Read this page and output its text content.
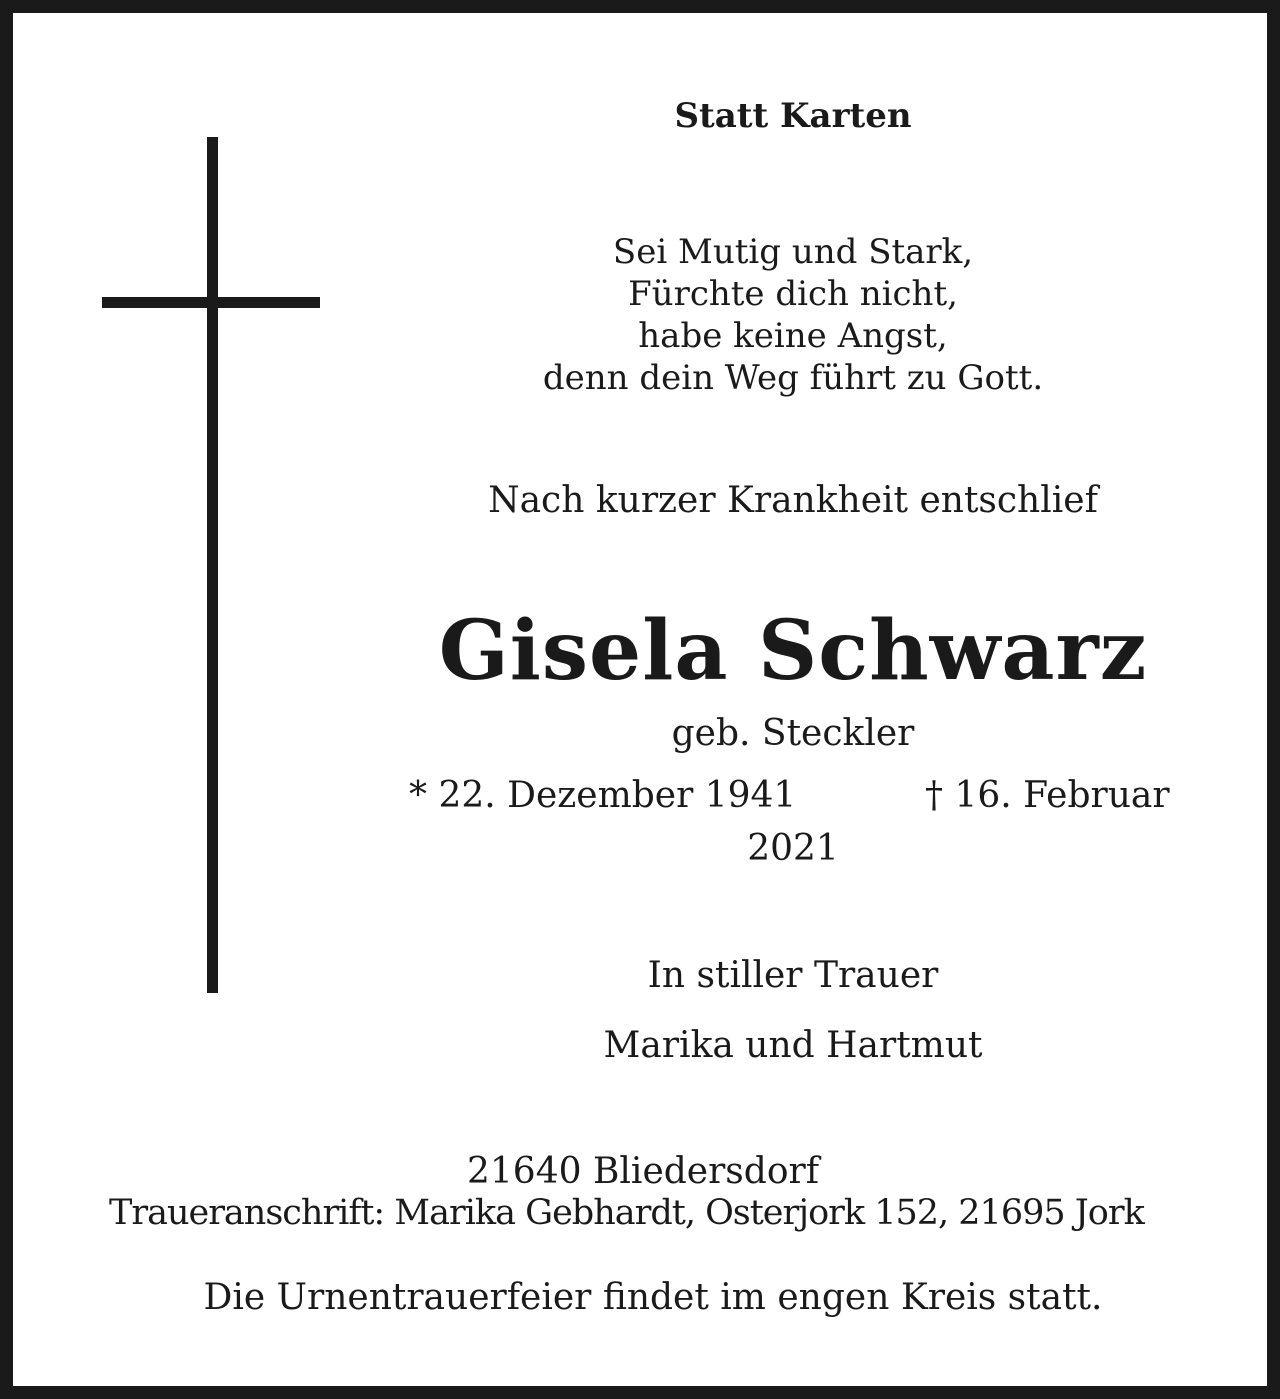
Statt Karten
Sei Mutig und Stark,
Fürchte dich nicht,
habe keine Angst,
denn dein Weg führt zu Gott.
Nach kurzer Krankheit entschlief
Gisela Schwarz
geb. Steckler
* 22. Dezember 1941	† 16. Februar
2021
In stiller Trauer
Marika und Hartmut
21640 Bliedersdorf
Traueranschrift: Marika Gebhardt, Osterjork 152, 21695 Jork
Die Urnentrauerfeier findet im engen Kreis statt.
